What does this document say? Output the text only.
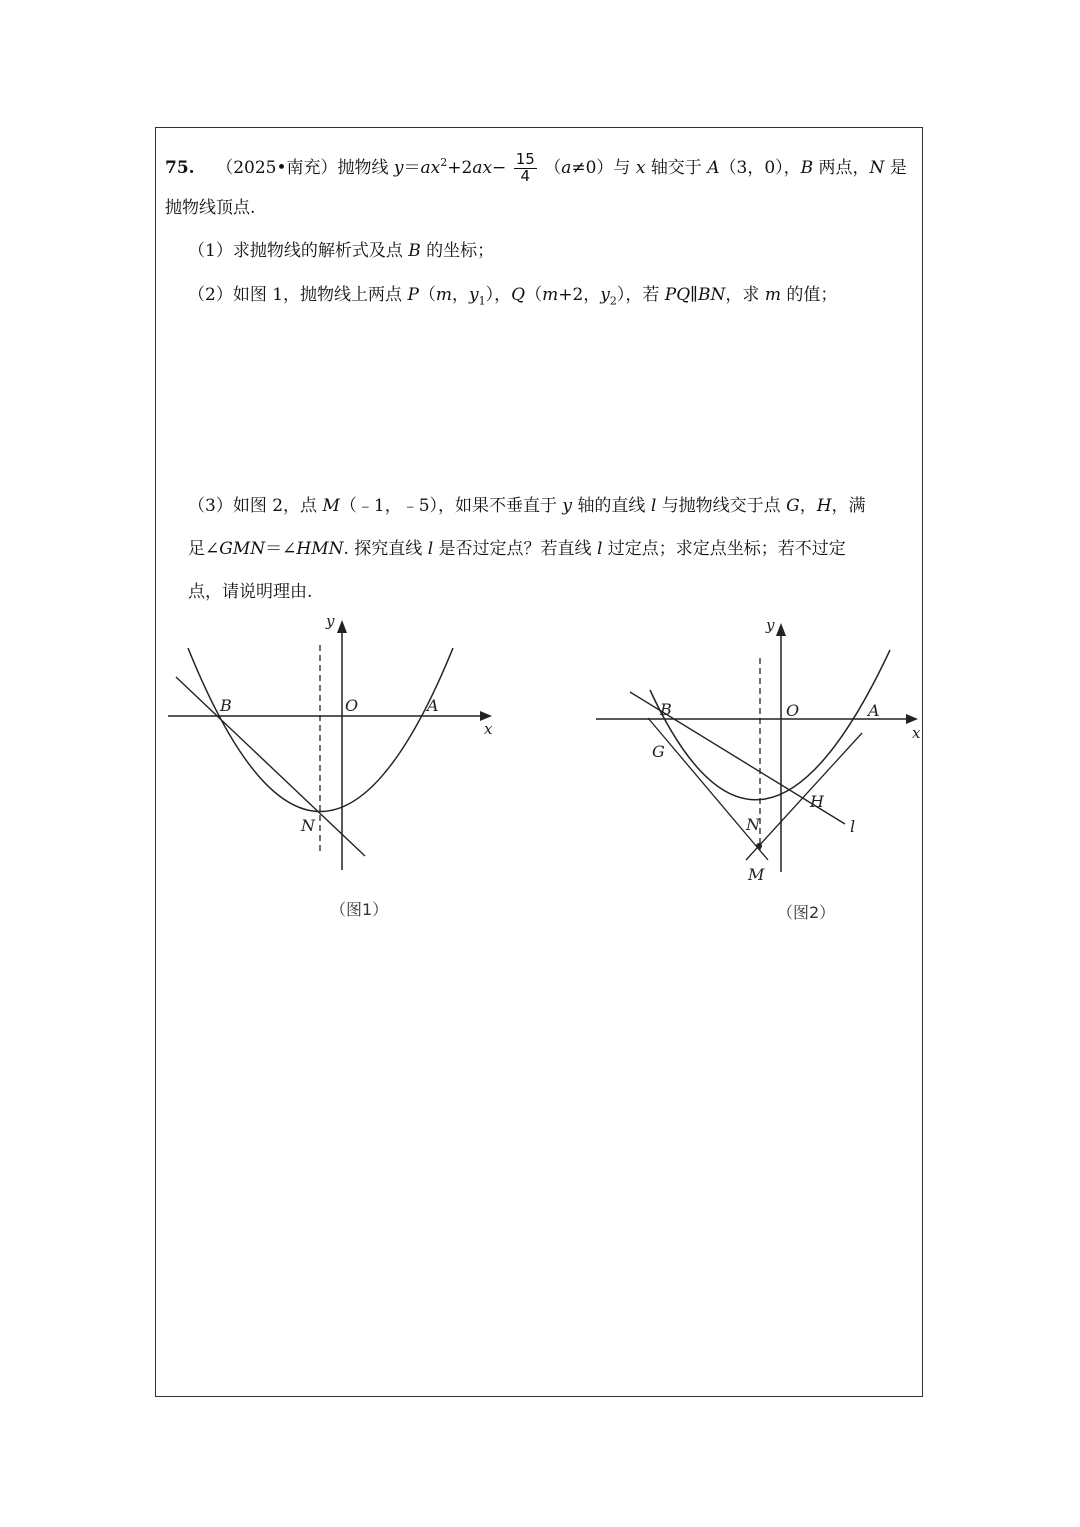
75. （2025•南充）抛物线 $y=ax^2+2ax- \frac{15}{4} (a\ne 0)$与 x 轴交于 A（3，0），B 两点，N 是
抛物线顶点.
（1）求抛物线的解析式及点 B 的坐标；
（2）如图 1，抛物线上两点 P（m，$y_1$），Q（m+2，$y_2$），若 PQ∥BN，求 m 的值；
（3）如图 2，点 M（﹣1，﹣5），如果不垂直于 y 轴的直线 l 与抛物线交于点 G，H，满
足∠GMN＝∠HMN. 探究直线 l 是否过定点？若直线 l 过定点；求定点坐标；若不过定
点，请说明理由.
y
x
O	A
B
N
（图1）
y
x
O	A
B
G
H
N
M
l
（图2）
